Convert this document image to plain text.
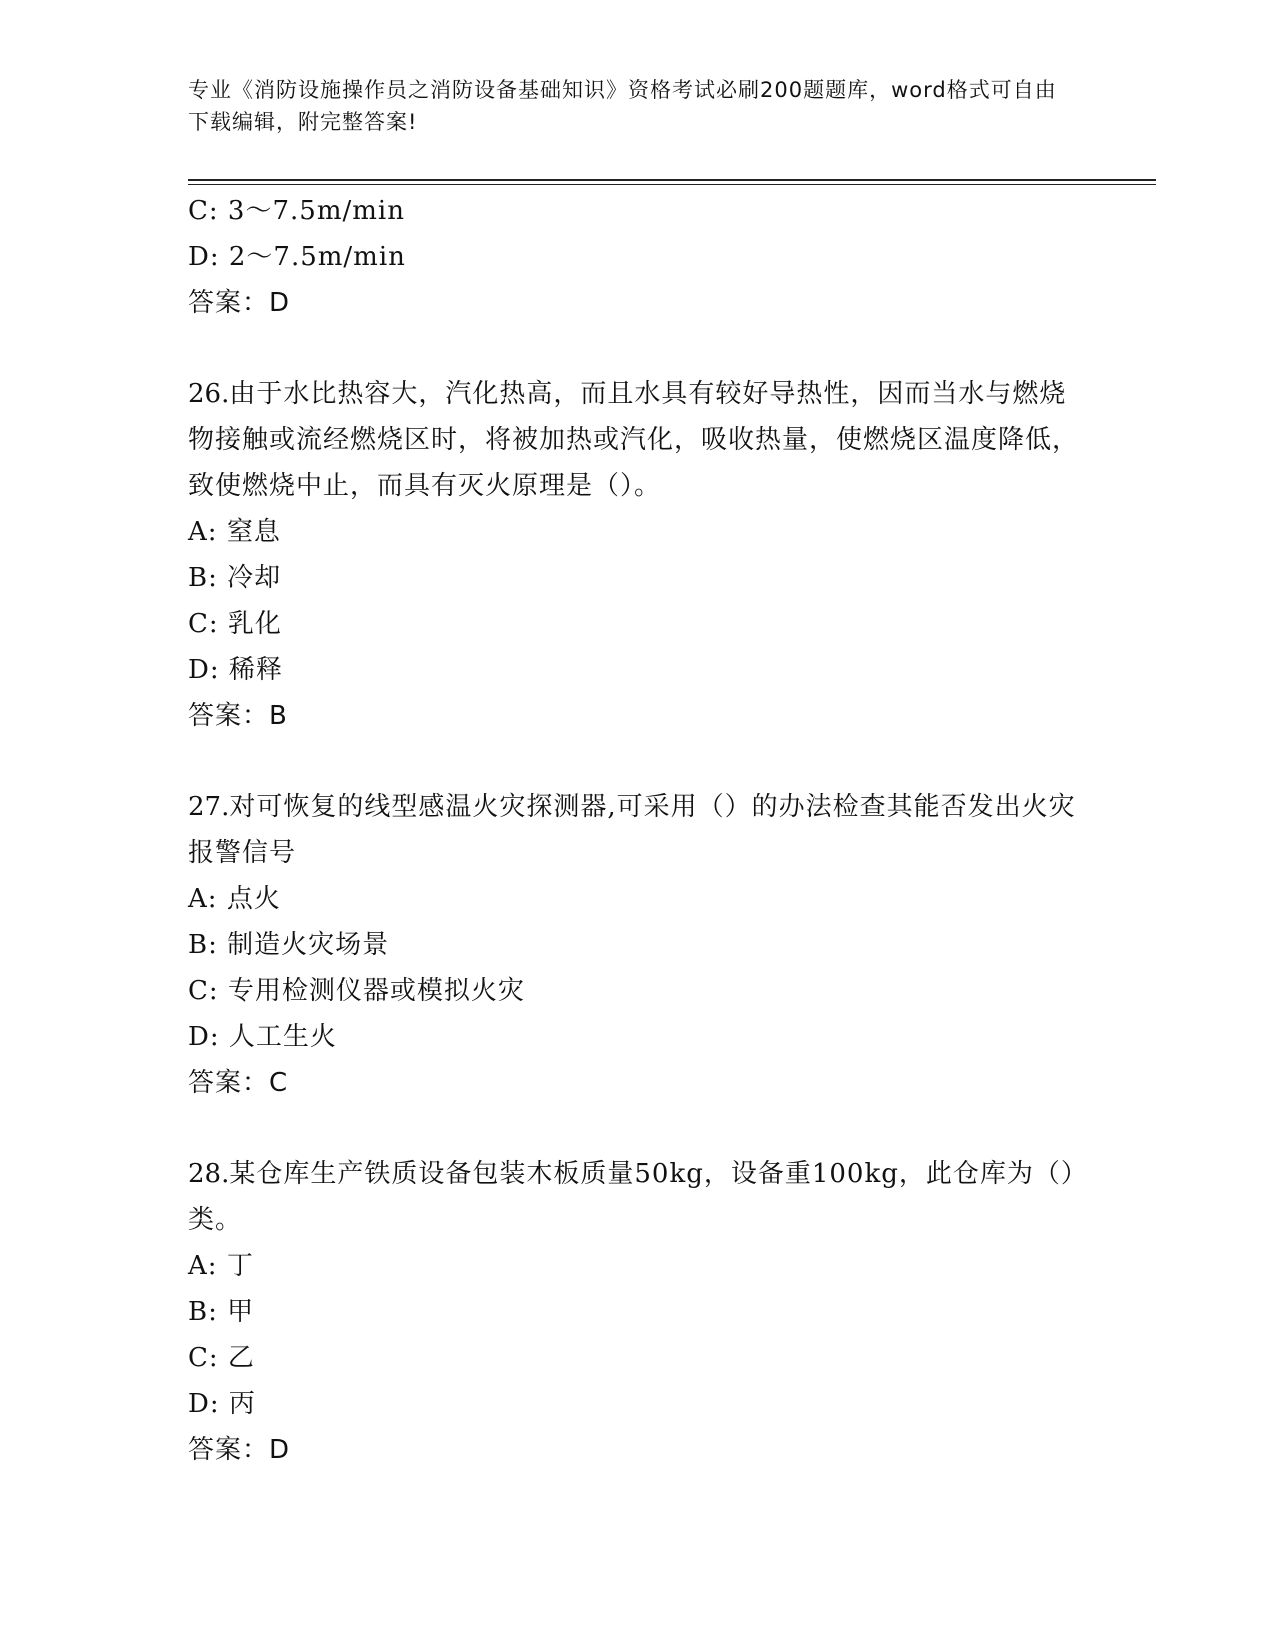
专业《消防设施操作员之消防设备基础知识》资格考试必刷200题题库，word格式可自由下载编辑，附完整答案!

C: 3～7.5m/min

D: 2～7.5m/min

答案：D

26.由于水比热容大，汽化热高，而且水具有较好导热性，因而当水与燃烧物接触或流经燃烧区时，将被加热或汽化，吸收热量，使燃烧区温度降低，致使燃烧中止，而具有灭火原理是（）。

A: 窒息

B: 冷却

C: 乳化

D: 稀释

答案：B

27.对可恢复的线型感温火灾探测器,可采用（）的办法检查其能否发出火灾报警信号

A: 点火

B: 制造火灾场景

C: 专用检测仪器或模拟火灾

D: 人工生火

答案：C

28.某仓库生产铁质设备包装木板质量50kg，设备重100kg，此仓库为（）类。

A: 丁

B: 甲

C: 乙

D: 丙

答案：D
